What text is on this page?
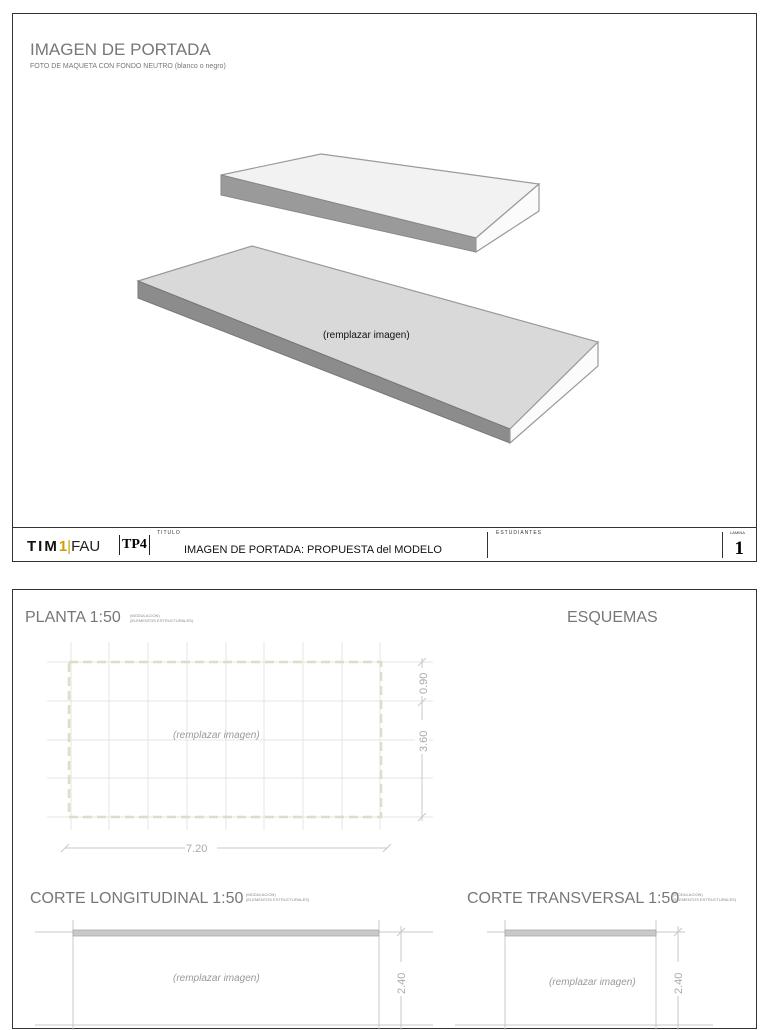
IMAGEN DE PORTADA
FOTO DE MAQUETA CON FONDO NEUTRO (blanco o negro)
(remplazar imagen)
TIM1|FAU TP4
TITULO
IMAGEN DE PORTADA: PROPUESTA del MODELO
ESTUDIANTES	LAMINA
1
PLANTA 1:50 (MODULACION)
(ELEMENTOS ESTRUCTURALES)	ESQUEMAS
7.20
0.90
3.60
2.40	2.40
(remplazar imagen)
CORTE LONGITUDINAL 1:50 (MODULACION)
(ELEMENTOS ESTRUCTURALES)
(remplazar imagen)
CORTE TRANSVERSAL 1:50
(MODULACION)
(ELEMENTOS ESTRUCTURALES)
(remplazar imagen)
